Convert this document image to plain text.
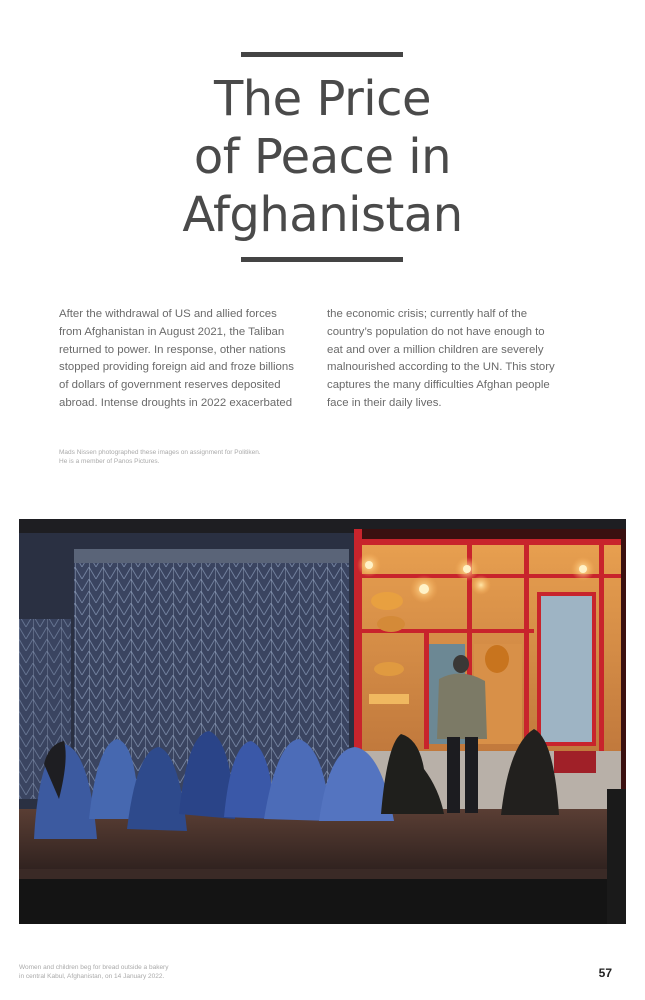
The Price
of Peace in
Afghanistan

After the withdrawal of US and allied forces
from Afghanistan in August 2021, the Taliban
returned to power. In response, other nations
stopped providing foreign aid and froze billions
of dollars of government reserves deposited
abroad. Intense droughts in 2022 exacerbated

the economic crisis; currently half of the
country’s population do not have enough to
eat and over a million children are severely
malnourished according to the UN. This story
captures the many difficulties Afghan people
face in their daily lives.

Mads Nissen photographed these images on assignment for Politiken.
He is a member of Panos Pictures.

Women and children beg for bread outside a bakery
in central Kabul, Afghanistan, on 14 January 2022.	57
